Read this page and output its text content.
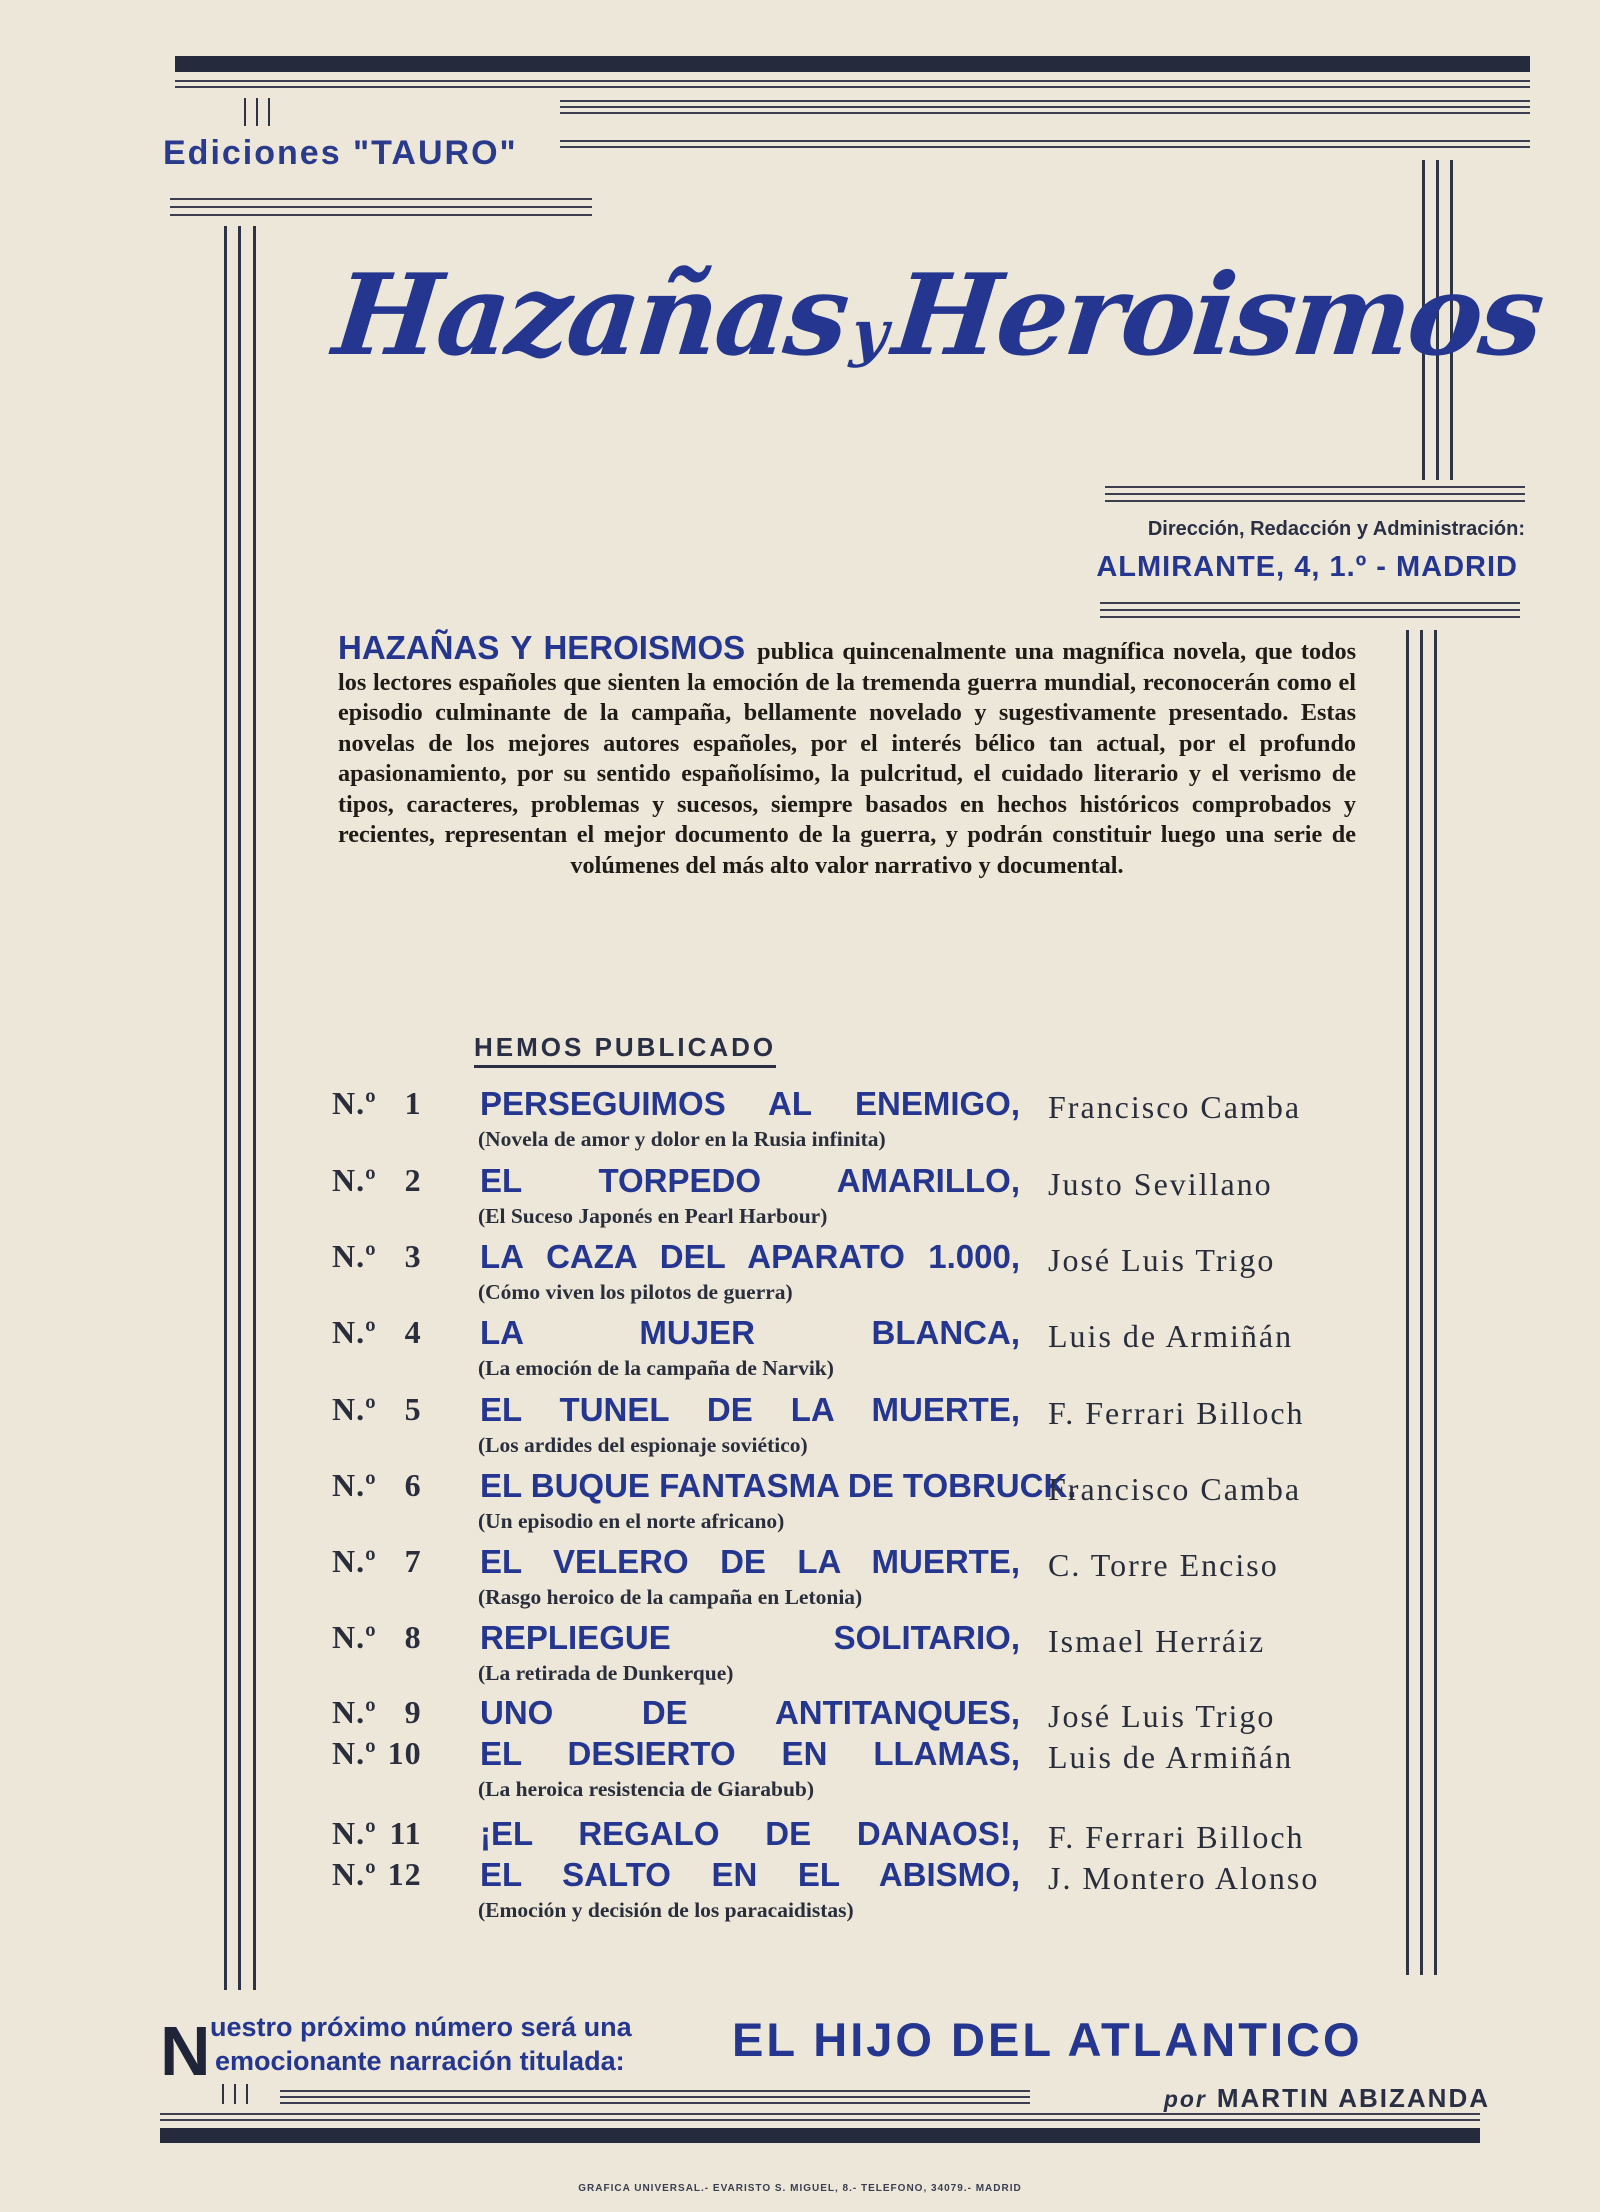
Ediciones "TAURO"
HazañasyHeroismos
Dirección, Redacción y Administración:
ALMIRANTE, 4, 1.º - MADRID
HAZAÑAS Y HEROISMOS publica quincenalmente una magnífica novela, que todos los lectores españoles que sienten la emoción de la tremenda guerra mundial, reconocerán como el episodio culminante de la campaña, bellamente novelado y sugestivamente presentado. Estas novelas de los mejores autores españoles, por el interés bélico tan actual, por el profundo apasionamiento, por su sentido españolísimo, la pulcritud, el cuidado literario y el verismo de tipos, caracteres, problemas y sucesos, siempre basados en hechos históricos comprobados y recientes, representan el mejor documento de la guerra, y podrán constituir luego una serie de volúmenes del más alto valor narrativo y documental.
HEMOS PUBLICADO
N.º 1 PERSEGUIMOS AL ENEMIGO, Francisco Camba
(Novela de amor y dolor en la Rusia infinita)
N.º 2 EL TORPEDO AMARILLO, Justo Sevillano
(El Suceso Japonés en Pearl Harbour)
N.º 3 LA CAZA DEL APARATO 1.000, José Luis Trigo
(Cómo viven los pilotos de guerra)
N.º 4 LA MUJER BLANCA, Luis de Armiñán
(La emoción de la campaña de Narvik)
N.º 5 EL TUNEL DE LA MUERTE, F. Ferrari Billoch
(Los ardides del espionaje soviético)
N.º 6 EL BUQUE FANTASMA DE TOBRUCK.
Francisco Camba
(Un episodio en el norte africano)
N.º 7 EL VELERO DE LA MUERTE, C. Torre Enciso
(Rasgo heroico de la campaña en Letonia)
N.º 8 REPLIEGUE SOLITARIO, Ismael Herráiz
(La retirada de Dunkerque)
N.º 9 UNO DE ANTITANQUES, José Luis Trigo
N.º 10 EL DESIERTO EN LLAMAS, Luis de Armiñán
(La heroica resistencia de Giarabub)
N.º 11 ¡EL REGALO DE DANAOS!, F. Ferrari Billoch
N.º 12 EL SALTO EN EL ABISMO, J. Montero Alonso
(Emoción y decisión de los paracaidistas)
N uestro próximo número será una
emocionante narración titulada: EL HIJO DEL ATLANTICO
por MARTIN ABIZANDA
GRAFICA UNIVERSAL.- EVARISTO S. MIGUEL, 8.- TELEFONO, 34079.- MADRID
